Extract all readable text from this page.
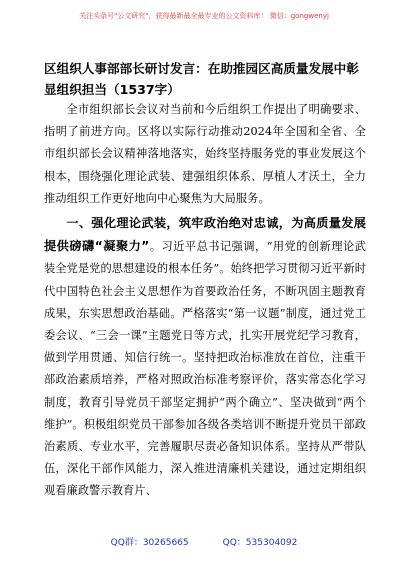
关注头条号"公文研究"，获得最新最全最专业的公文资料库！ 微信：gongwenyj
区组织人事部部长研讨发言：在助推园区高质量发展中彰显组织担当（1537字）

全市组织部长会议对当前和今后组织工作提出了明确要求、指明了前进方向。区将以实际行动推动2024年全国和全省、全市组织部长会议精神落地落实，始终坚持服务党的事业发展这个根本，围绕强化理论武装、建强组织体系、厚植人才沃土，全力推动组织工作更好地向中心聚焦为大局服务。

一、强化理论武装，筑牢政治绝对忠诚，为高质量发展提供磅礴“凝聚力”。习近平总书记强调，“用党的创新理论武装全党是党的思想建设的根本任务”。始终把学习贯彻习近平新时代中国特色社会主义思想作为首要政治任务，不断巩固主题教育成果，东实思想政治基础。严格落实“第一议题”制度，通过党工委会议、“三会一课”主题党日等方式，扎实开展党纪学习教育，做到学用贯通、知信行统一。坚持把政治标准放在首位，注重干部政治素质培养，严格对照政治标准考察评价，落实常态化学习制度，教育引导党员干部坚定拥护“两个确立”、坚决做到“两个维护”。积极组织党员干部参加各级各类培训不断提升党员干部政治素质、专业水平，完善履职尽责必备知识体系。坚持从严带队伍，深化干部作风能力，深入推进清廉机关建设，通过定期组织观看廉政警示教育片、

QQ群：30265665	QQ：535304092
